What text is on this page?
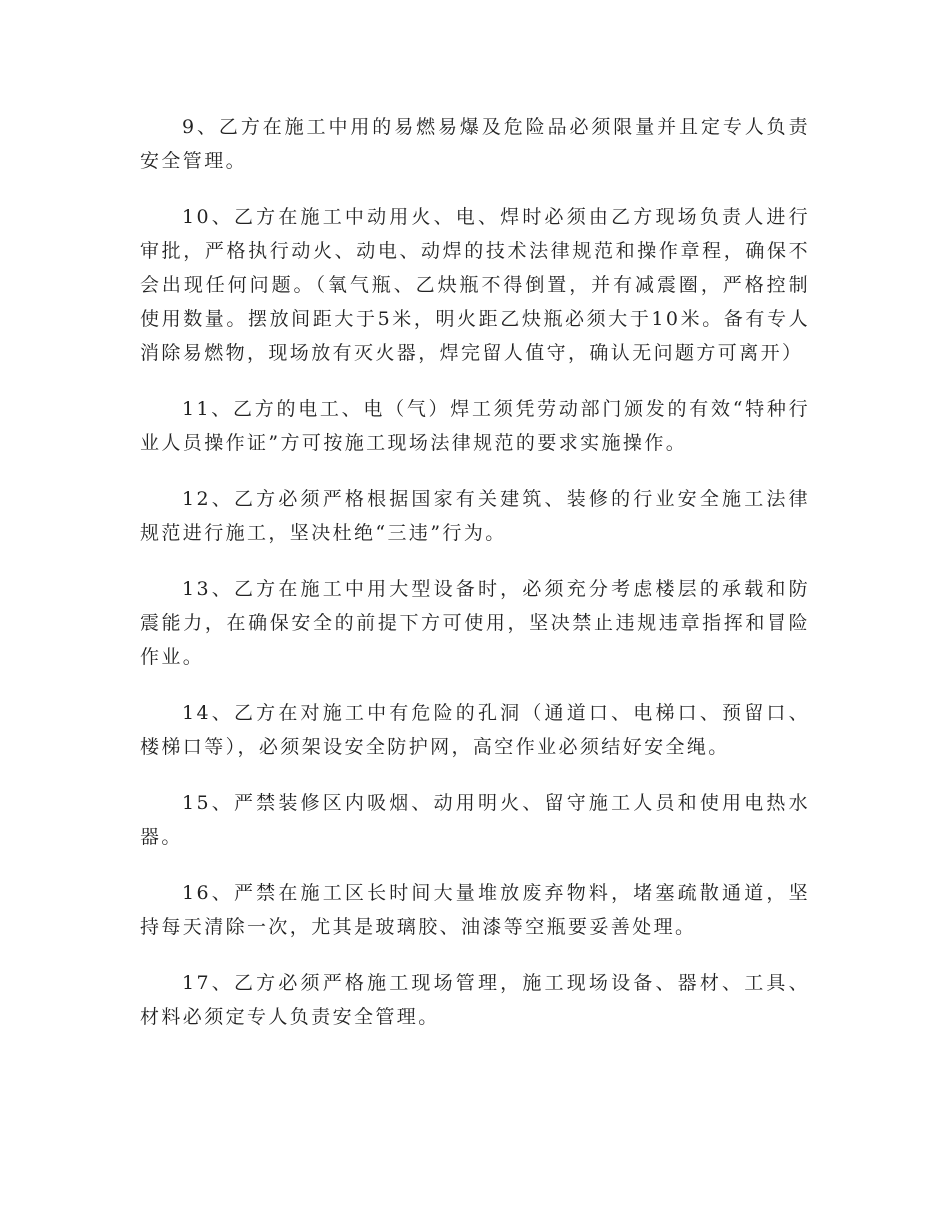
9、乙方在施工中用的易燃易爆及危险品必须限量并且定专人负责安全管理。

10、乙方在施工中动用火、电、焊时必须由乙方现场负责人进行审批，严格执行动火、动电、动焊的技术法律规范和操作章程，确保不会出现任何问题。（氧气瓶、乙炔瓶不得倒置，并有减震圈，严格控制使用数量。摆放间距大于5米，明火距乙炔瓶必须大于10米。备有专人消除易燃物，现场放有灭火器，焊完留人值守，确认无问题方可离开）

11、乙方的电工、电（气）焊工须凭劳动部门颁发的有效“特种行业人员操作证”方可按施工现场法律规范的要求实施操作。

12、乙方必须严格根据国家有关建筑、装修的行业安全施工法律规范进行施工，坚决杜绝“三违”行为。

13、乙方在施工中用大型设备时，必须充分考虑楼层的承载和防震能力，在确保安全的前提下方可使用，坚决禁止违规违章指挥和冒险作业。

14、乙方在对施工中有危险的孔洞（通道口、电梯口、预留口、楼梯口等），必须架设安全防护网，高空作业必须结好安全绳。

15、严禁装修区内吸烟、动用明火、留守施工人员和使用电热水器。

16、严禁在施工区长时间大量堆放废弃物料，堵塞疏散通道，坚持每天清除一次，尤其是玻璃胶、油漆等空瓶要妥善处理。

17、乙方必须严格施工现场管理，施工现场设备、器材、工具、材料必须定专人负责安全管理。
